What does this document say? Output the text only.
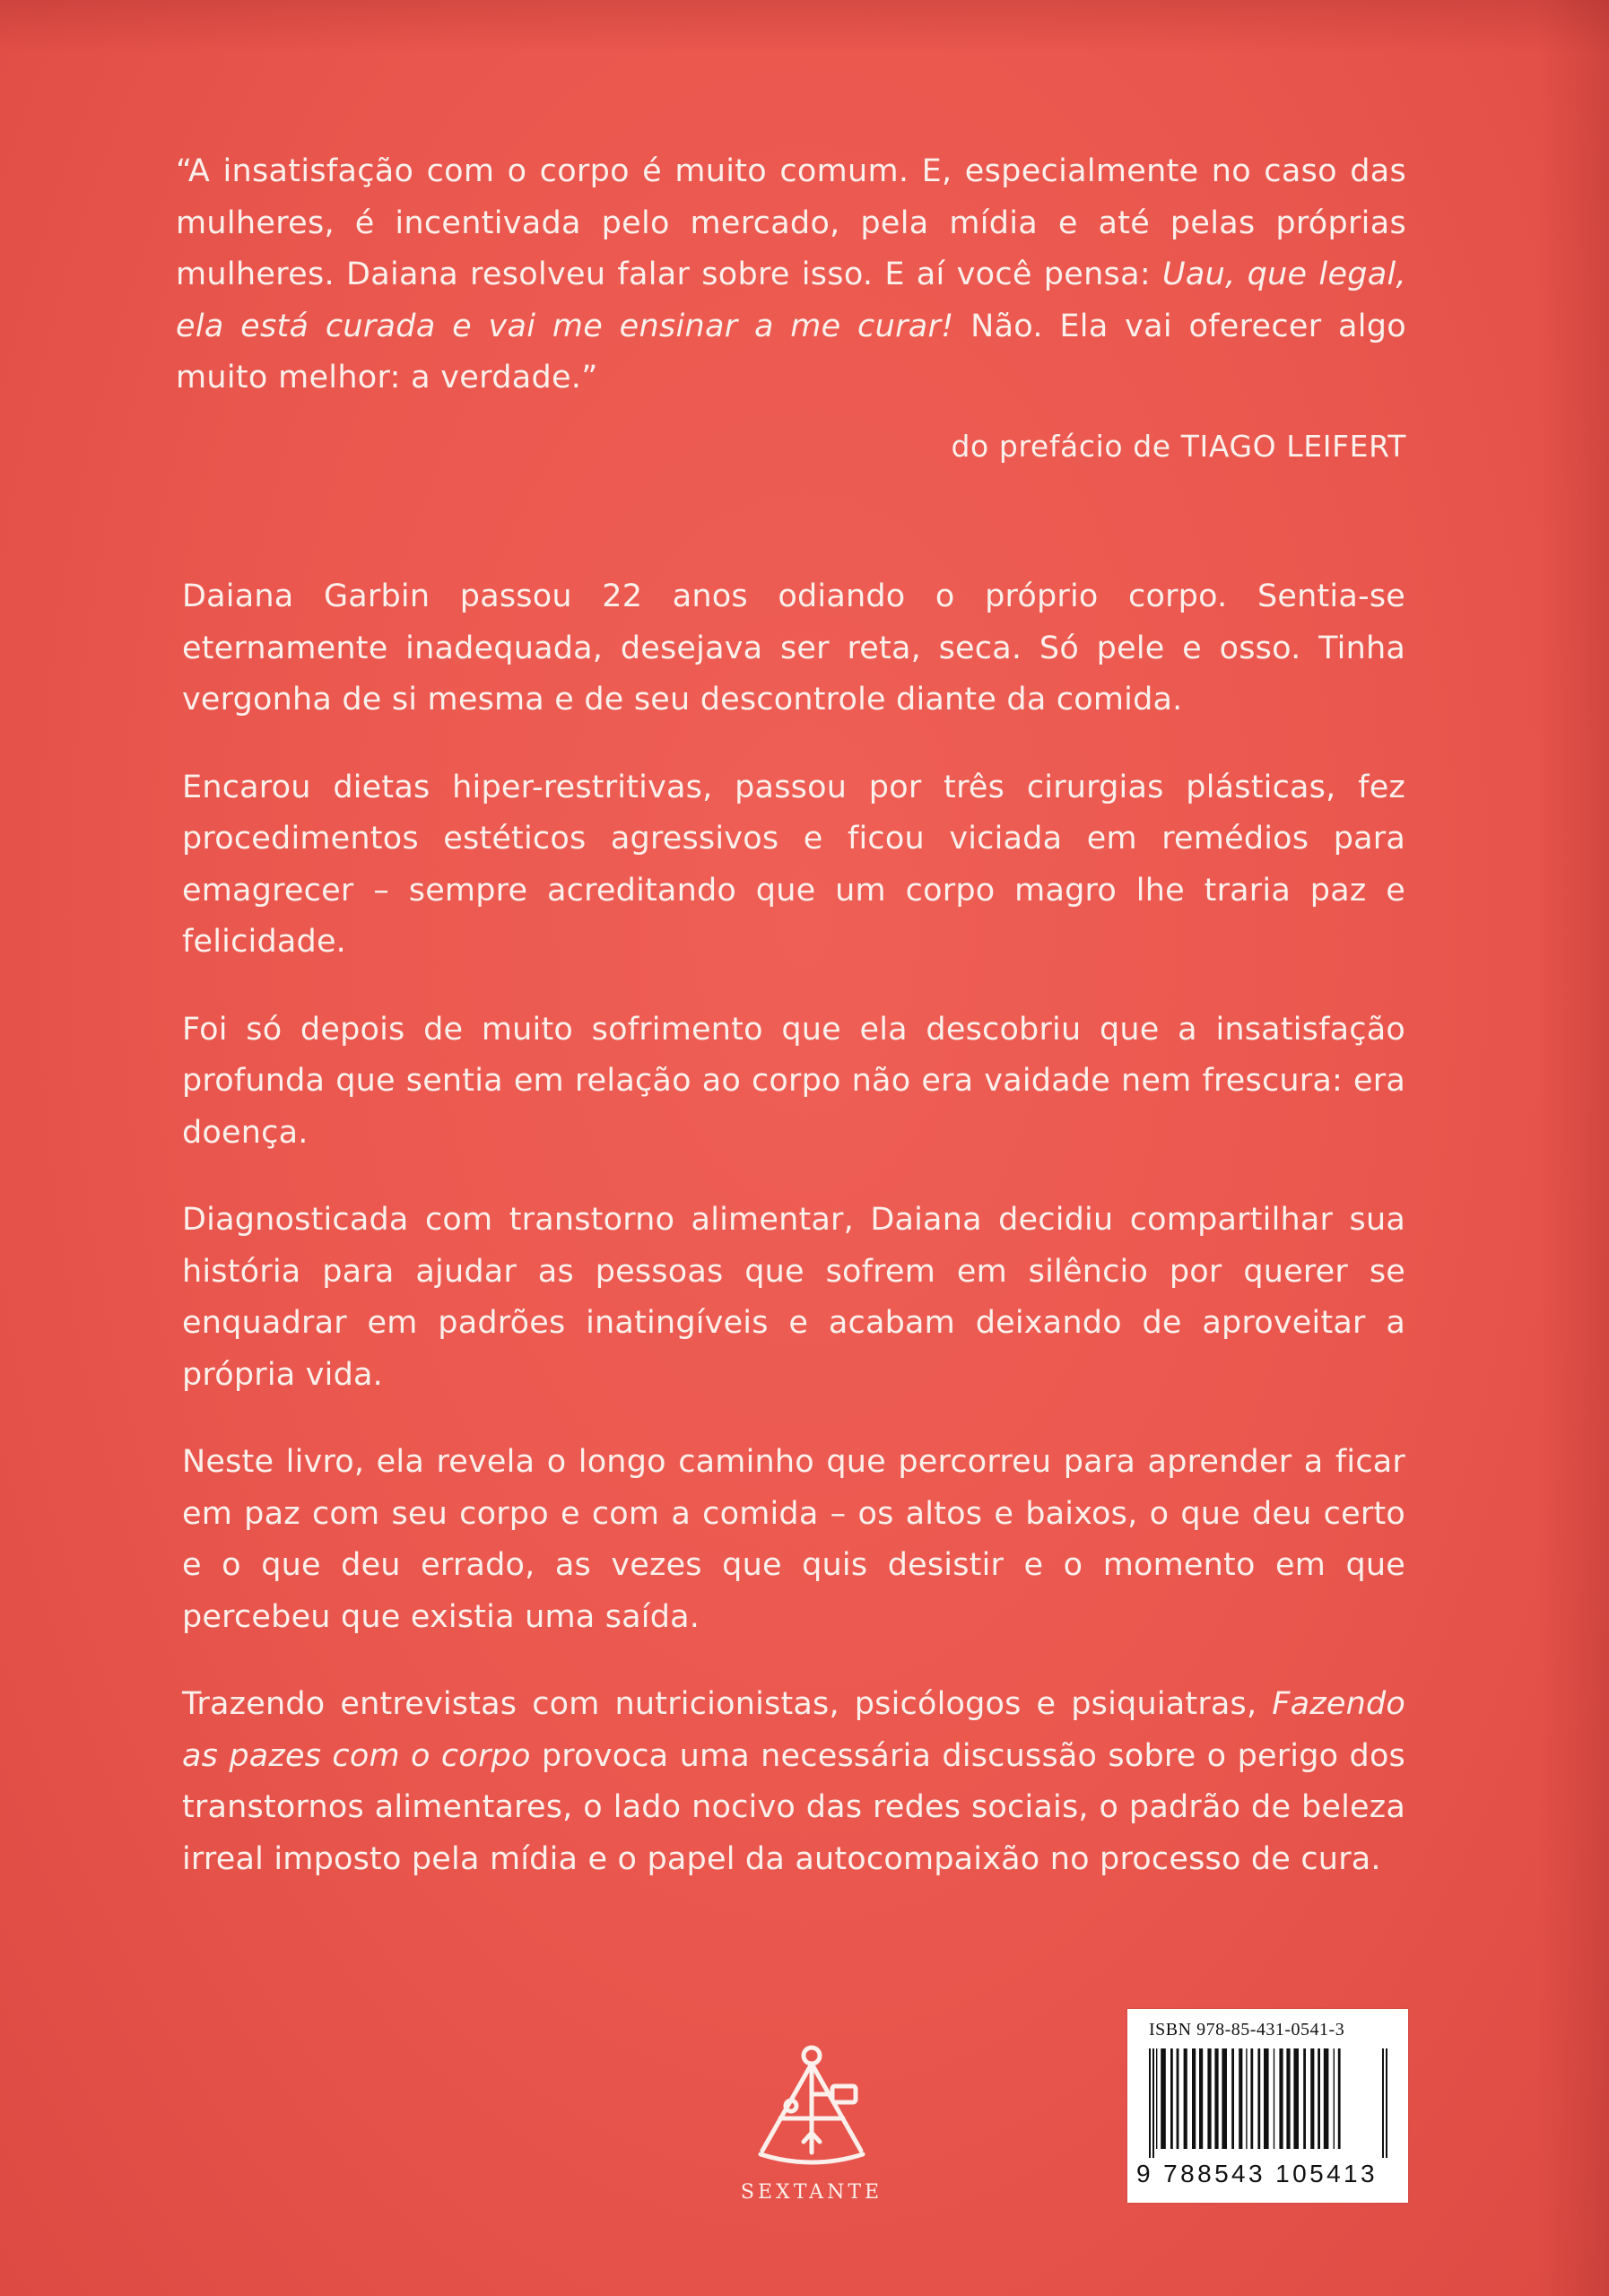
“A insatisfação com o corpo é muito comum. E, especialmente no caso das mulheres, é incentivada pelo mercado, pela mídia e até pelas próprias mulheres. Daiana resolveu falar sobre isso. E aí você pensa: Uau, que legal, ela está curada e vai me ensinar a me curar! Não. Ela vai oferecer algo muito melhor: a verdade.”

do prefácio de TIAGO LEIFERT

Daiana Garbin passou 22 anos odiando o próprio corpo. Sentia-se eternamente inadequada, desejava ser reta, seca. Só pele e osso. Tinha vergonha de si mesma e de seu descontrole diante da comida.

Encarou dietas hiper-restritivas, passou por três cirurgias plásticas, fez procedimentos estéticos agressivos e ficou viciada em remédios para emagrecer – sempre acreditando que um corpo magro lhe traria paz e felicidade.

Foi só depois de muito sofrimento que ela descobriu que a insatisfação profunda que sentia em relação ao corpo não era vaidade nem frescura: era doença.

Diagnosticada com transtorno alimentar, Daiana decidiu compartilhar sua história para ajudar as pessoas que sofrem em silêncio por querer se enquadrar em padrões inatingíveis e acabam deixando de aproveitar a própria vida.

Neste livro, ela revela o longo caminho que percorreu para aprender a ficar em paz com seu corpo e com a comida – os altos e baixos, o que deu certo e o que deu errado, as vezes que quis desistir e o momento em que percebeu que existia uma saída.

Trazendo entrevistas com nutricionistas, psicólogos e psiquiatras, Fazendo as pazes com o corpo provoca uma necessária discussão sobre o perigo dos transtornos alimentares, o lado nocivo das redes sociais, o padrão de beleza irreal imposto pela mídia e o papel da autocompaixão no processo de cura.

SEXTANTE
ISBN 978-85-431-0541-3
9 788543 105413
